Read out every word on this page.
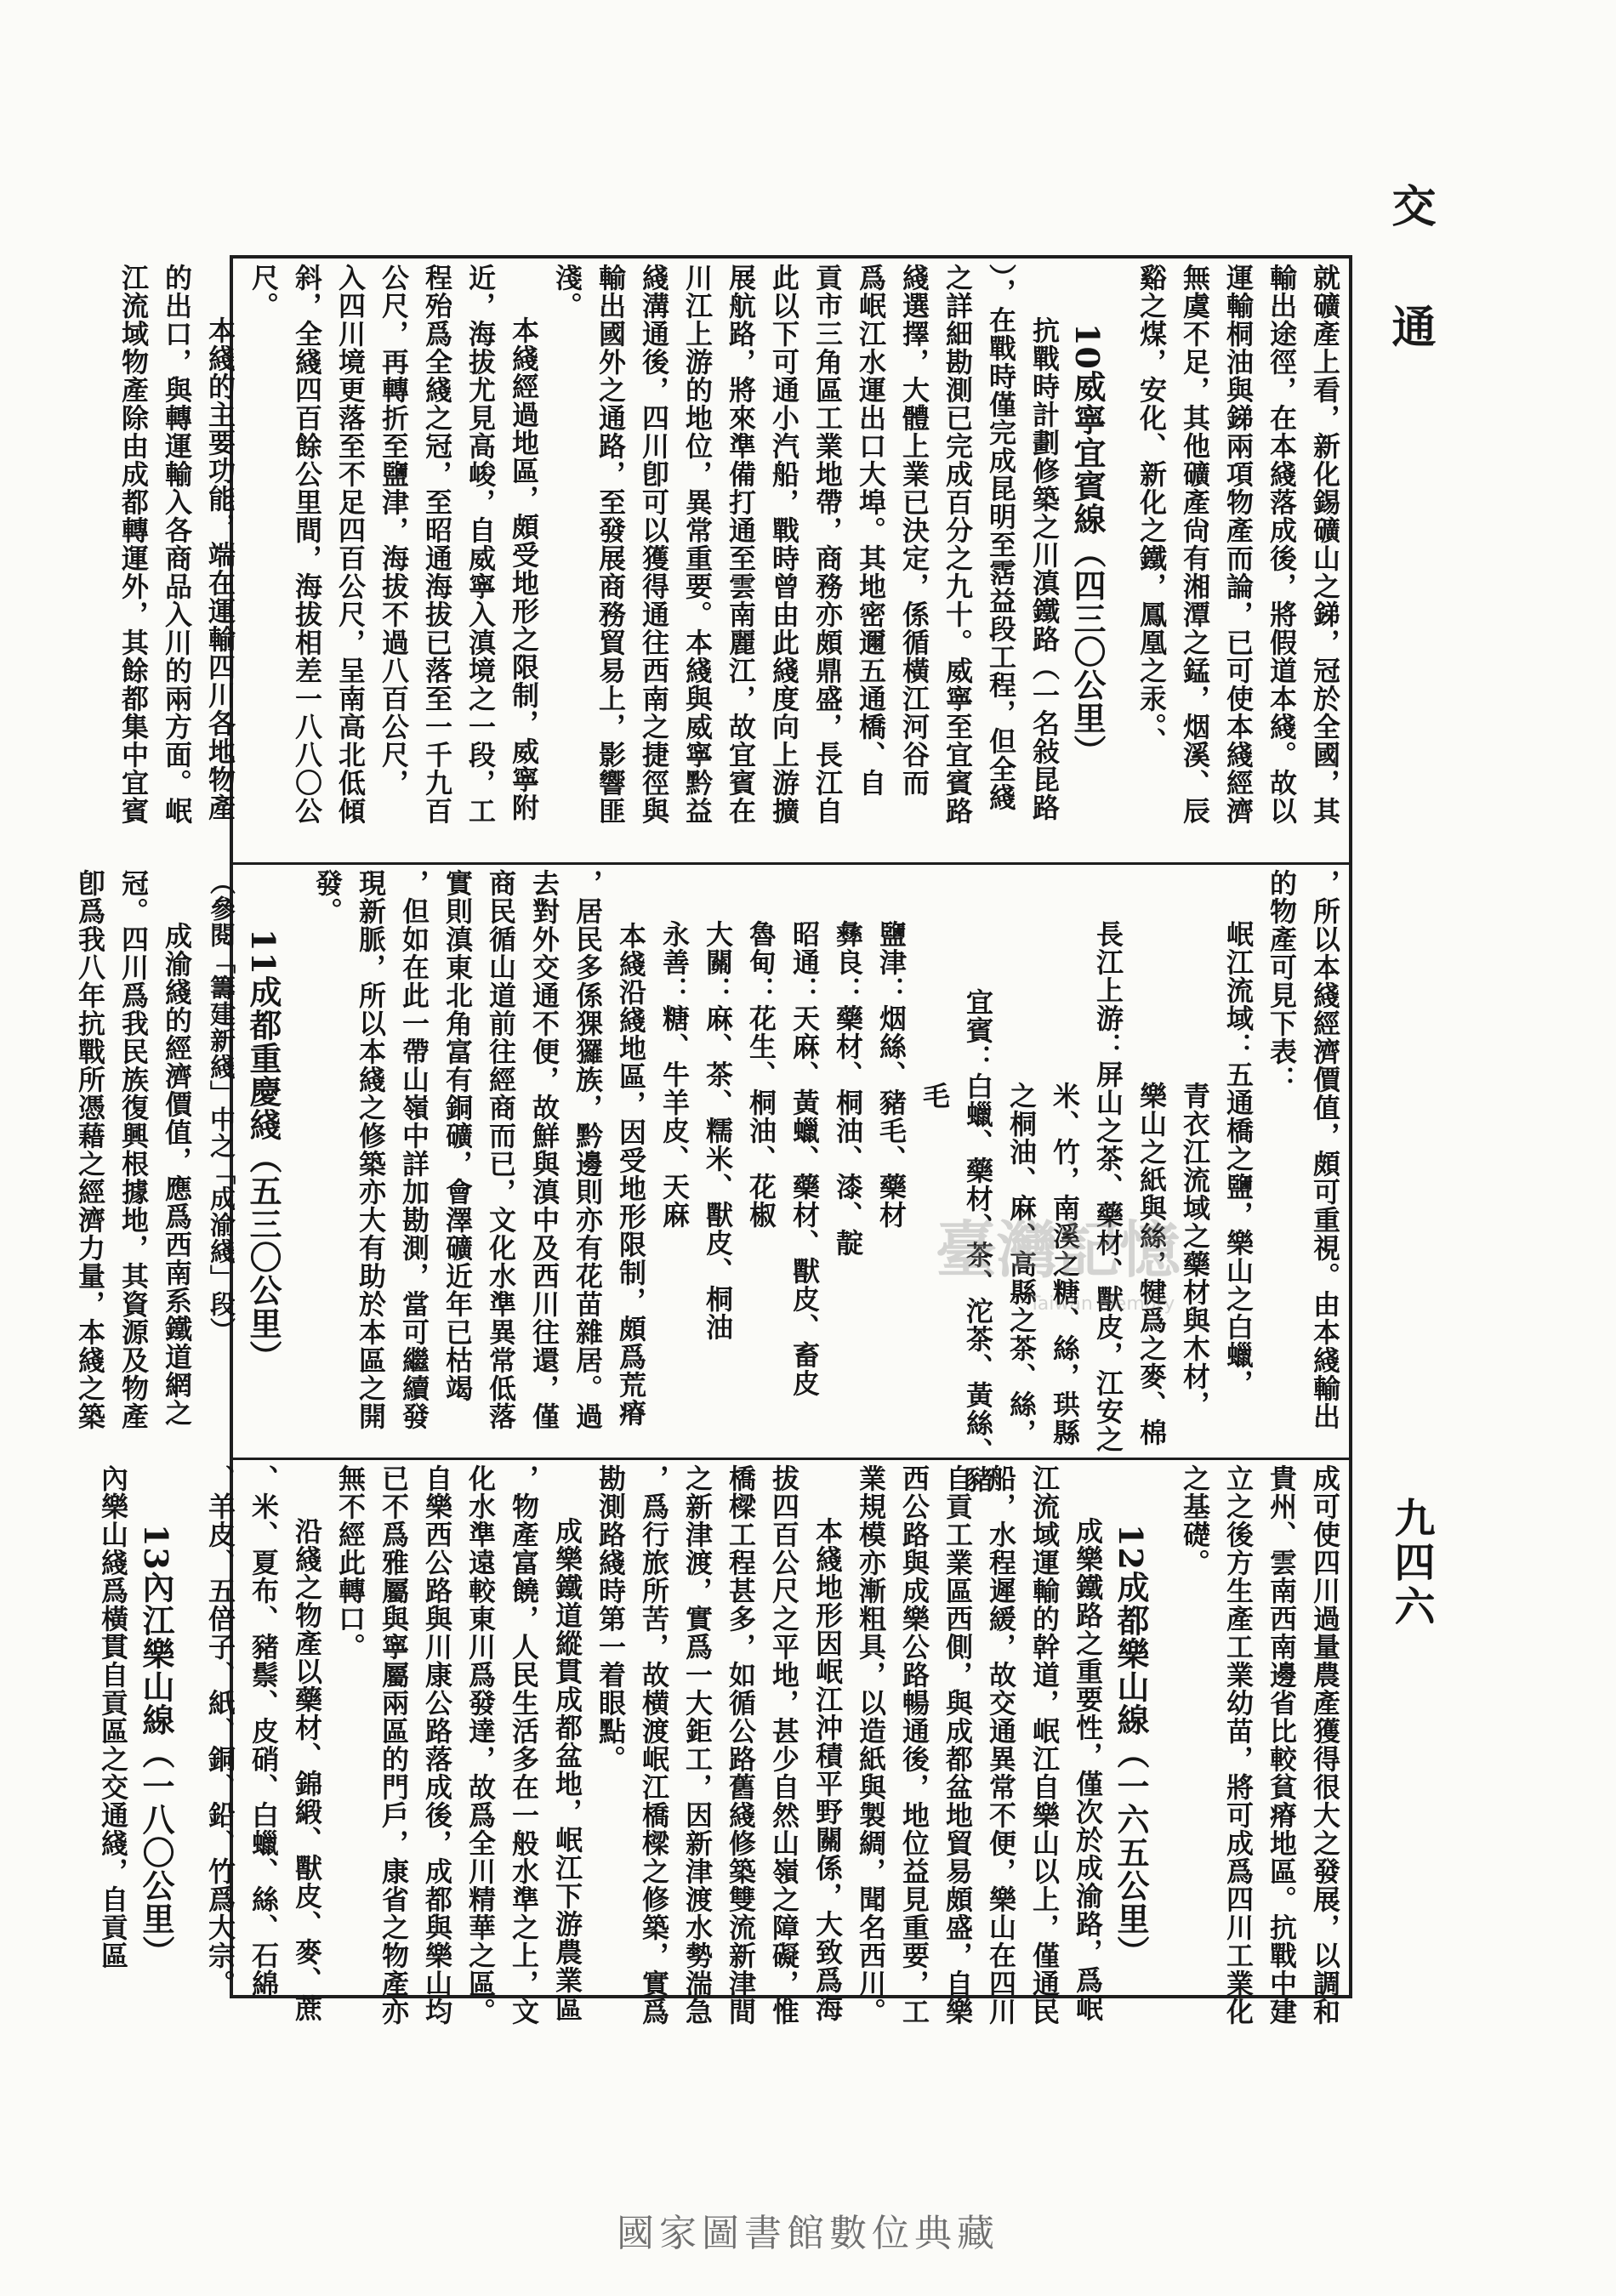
交通
九四六
就礦產上看，新化錫礦山之銻，冠於全國，其
輸出途徑，在本綫落成後，將假道本綫。故以
運輸桐油與銻兩項物產而論，已可使本綫經濟
無虞不足，其他礦產尙有湘潭之錳，烟溪、辰
谿之煤，安化、新化之鐵，鳳凰之汞。、
10威寧宜賓線（四三〇公里）
抗戰時計劃修築之川滇鐵路（一名敍昆路
），在戰時僅完成昆明至霑益段工程，但全綫
之詳細勘測已完成百分之九十。威寧至宜賓路
綫選擇，大體上業已決定，係循橫江河谷而
爲岷江水運出口大埠。其地密邇五通橋、自
貢市三角區工業地帶，商務亦頗鼎盛，長江自
此以下可通小汽船，戰時曾由此綫度向上游擴
展航路，將來準備打通至雲南麗江，故宜賓在
川江上游的地位，異常重要。本綫與威寧黔益
綫溝通後，四川卽可以獲得通往西南之捷徑與
輸出國外之通路，至發展商務貿易上，影響匪
淺。
本綫經過地區，頗受地形之限制，威寧附
近，海拔尤見高峻，自威寧入滇境之一段，工
程殆爲全綫之冠，至昭通海拔已落至一千九百
公尺，再轉折至鹽津，海拔不過八百公尺，
入四川境更落至不足四百公尺，呈南高北低傾
斜，全綫四百餘公里間，海拔相差一八八〇公
尺。
本綫的主要功能，端在運輸四川各地物產
的出口，與轉運輸入各商品入川的兩方面。岷
江流域物產除由成都轉運外，其餘都集中宜賓
，所以本綫經濟價值，頗可重視。由本綫輸出
的物產可見下表：
岷江流域：五通橋之鹽，樂山之白蠟，
青衣江流域之藥材與木材，
樂山之紙與絲，犍爲之麥、棉
長江上游：屏山之茶、藥材、獸皮，江安之
米、竹，南溪之糖、絲，珙縣
之桐油、麻、高縣之茶、絲，
宜賓：白蠟、藥材、茶、沱茶、黃絲、豬
毛
鹽津：烟絲、豬毛、藥材
彝良：藥材、桐油、漆、靛
昭通：天麻、黃蠟、藥材、獸皮、畜皮
魯甸：花生、桐油、花椒
大關：麻、茶、糯米、獸皮、桐油
永善：糖、牛羊皮、天麻
本綫沿綫地區，因受地形限制，頗爲荒瘠
，居民多係猓玀族，黔邊則亦有花苗雜居。過
去對外交通不便，故鮮與滇中及西川往還，僅
商民循山道前往經商而已，文化水準異常低落
實則滇東北角富有銅礦，會澤礦近年已枯竭
，但如在此一帶山嶺中詳加勘測，當可繼續發
現新脈，所以本綫之修築亦大有助於本區之開
發。
11成都重慶綫（五三〇公里）
（參閱「籌建新綫」中之「成渝綫」段）
成渝綫的經濟價值，應爲西南系鐵道網之
冠。四川爲我民族復興根據地，其資源及物產
卽爲我八年抗戰所憑藉之經濟力量，本綫之築
成可使四川過量農產獲得很大之發展，以調和
貴州、雲南西南邊省比較貧瘠地區。抗戰中建
立之後方生產工業幼苗，將可成爲四川工業化
之基礎。
12成都樂山線（一六五公里）
成樂鐵路之重要性，僅次於成渝路，爲岷
江流域運輸的幹道，岷江自樂山以上，僅通民
船，水程遲緩，故交通異常不便，樂山在四川
自貢工業區西側，與成都盆地貿易頗盛，自樂
西公路與成樂公路暢通後，地位益見重要，工
業規模亦漸粗具，以造紙與製綢，聞名西川。
本綫地形因岷江沖積平野關係，大致爲海
拔四百公尺之平地，甚少自然山嶺之障礙，惟
橋樑工程甚多，如循公路舊綫修築雙流新津間
之新津渡，實爲一大鉅工，因新津渡水勢湍急
，爲行旅所苦，故横渡岷江橋樑之修築，實爲
勘測路綫時第一着眼點。
成樂鐵道縱貫成都盆地，岷江下游農業區
，物產富饒，人民生活多在一般水準之上，文
化水準遠較東川爲發達，故爲全川精華之區。
自樂西公路與川康公路落成後，成都與樂山均
已不爲雅屬與寧屬兩區的門戶，康省之物產亦
無不經此轉口。
沿綫之物產以藥材、錦緞、獸皮、麥、蔗
、米、夏布、豬鬃、皮硝、白蠟、絲、石綿
、羊皮、五倍子、紙、銅、鉛、竹爲大宗。
13內江樂山線（一八〇公里）
內樂山綫爲橫貫自貢區之交通綫，自貢區
臺灣記憶
Taiwan Memory
國家圖書館數位典藏
